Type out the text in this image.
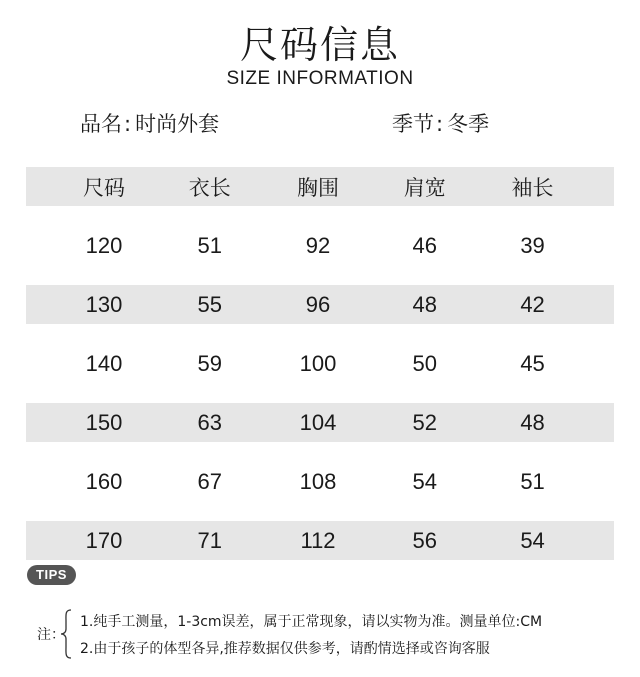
尺码信息
SIZE INFORMATION
品名: 时尚外套	季节: 冬季
尺码	衣长	胸围	肩宽	袖长
120	51	92	46	39
130	55	96	48	42
140	59	100	50	45
150	63	104	52	48
160	67	108	54	51
170	71	112	56	54
TIPS
注：
1.纯手工测量，1-3cm误差，属于正常现象，请以实物为准。测量单位:CM
2.由于孩子的体型各异,推荐数据仅供参考，请酌情选择或咨询客服
